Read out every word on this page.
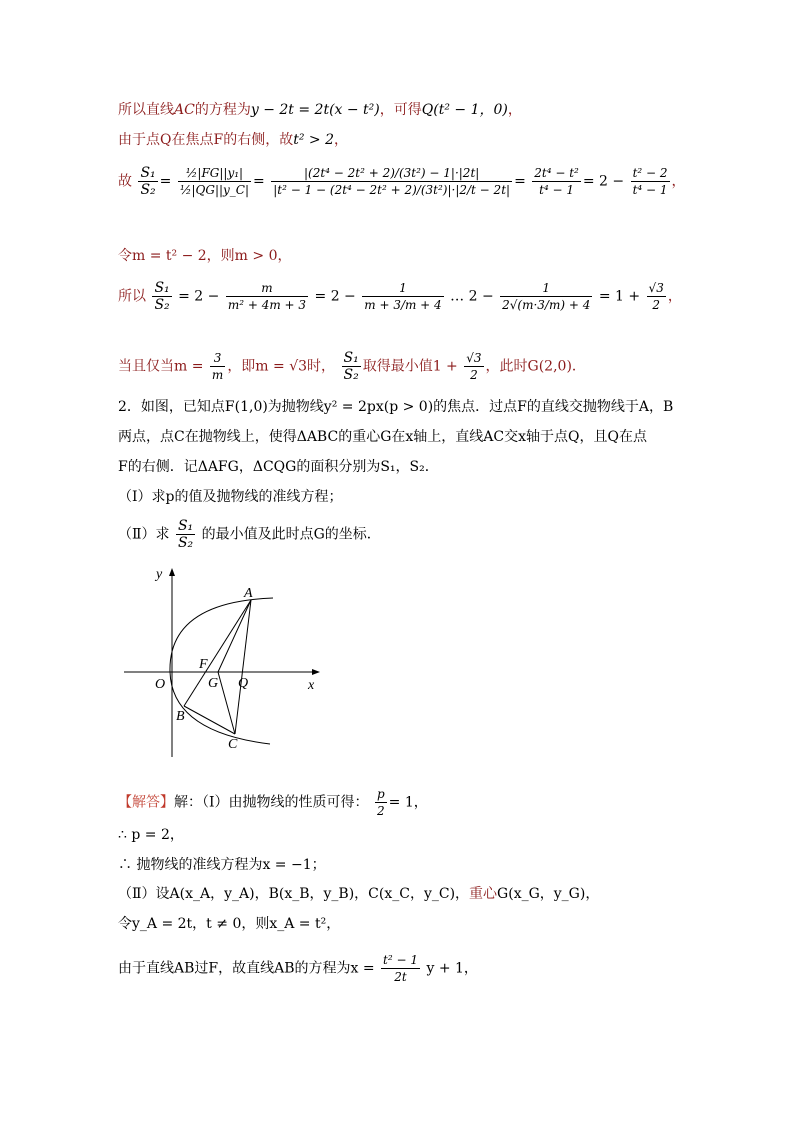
所以直线AC的方程为y − 2t = 2t(x − t²)，可得Q(t² − 1，0)，
由于点Q在焦点F的右侧，故t² > 2，
故 $\frac{\text{S₁}}{\text{S₂}} = \frac{\text{½|FG||y₁|}}{\text{½|QG||y\_C|}} = \frac{\text{|(2t⁴ − 2t² + 2)/(3t²) − 1|·|2t|}}{\text{|t² − 1 − (2t⁴ − 2t² + 2)/(3t²)|·|2/t − 2t|}} = \frac{\text{2t⁴ − t²}}{\text{t⁴ − 1}} = 2 - \frac{\text{t² − 2}}{\text{t⁴ − 1}}$ ，
令m = t² − 2，则m > 0，
所以 $\frac{\text{S₁}}{\text{S₂}} = 2 - \frac{m}{\text{m² + 4m + 3}} = 2 - \frac{1}{m + 3/m + 4}$ … $2 - \frac{1}{2√(m\cdot 3/m) + 4} = 1 + \frac{√3}{2}$ ，
当且仅当$m = \frac{3}{m}$ ，即m = √3时， $\frac{\text{S₁}}{\text{S₂}}$ 取得最小值$1 + \frac{√3}{2}$ ，此时G(2,0)．
2．如图，已知点F(1,0)为抛物线y² = 2px(p > 0)的焦点．过点F的直线交抛物线于A，B
两点，点C在抛物线上，使得ΔABC的重心G在x轴上，直线AC交x轴于点Q，且Q在点
F的右侧．记ΔAFG，ΔCQG的面积分别为S₁，S₂．
（Ⅰ）求p的值及抛物线的准线方程；
（Ⅱ）求 $\frac{\text{S₁}}{\text{S₂}}$ 的最小值及此时点G的坐标．
y
x
O
A
B
C
F
G Q
【解答】解：（Ⅰ）由抛物线的性质可得： $\frac{p}{2} = 1$，
∴ p = 2，
∴ 抛物线的准线方程为x = −1；
（Ⅱ）设A(x_A，y_A)，B(x_B，y_B)，C(x_C，y_C)，重心G(x_G，y_G)，
令y_A = 2t，t ≠ 0，则x_A = t²，
由于直线AB过F，故直线AB的方程为$x = \frac{\text{t² − 1}}{2t}$ y + 1，
